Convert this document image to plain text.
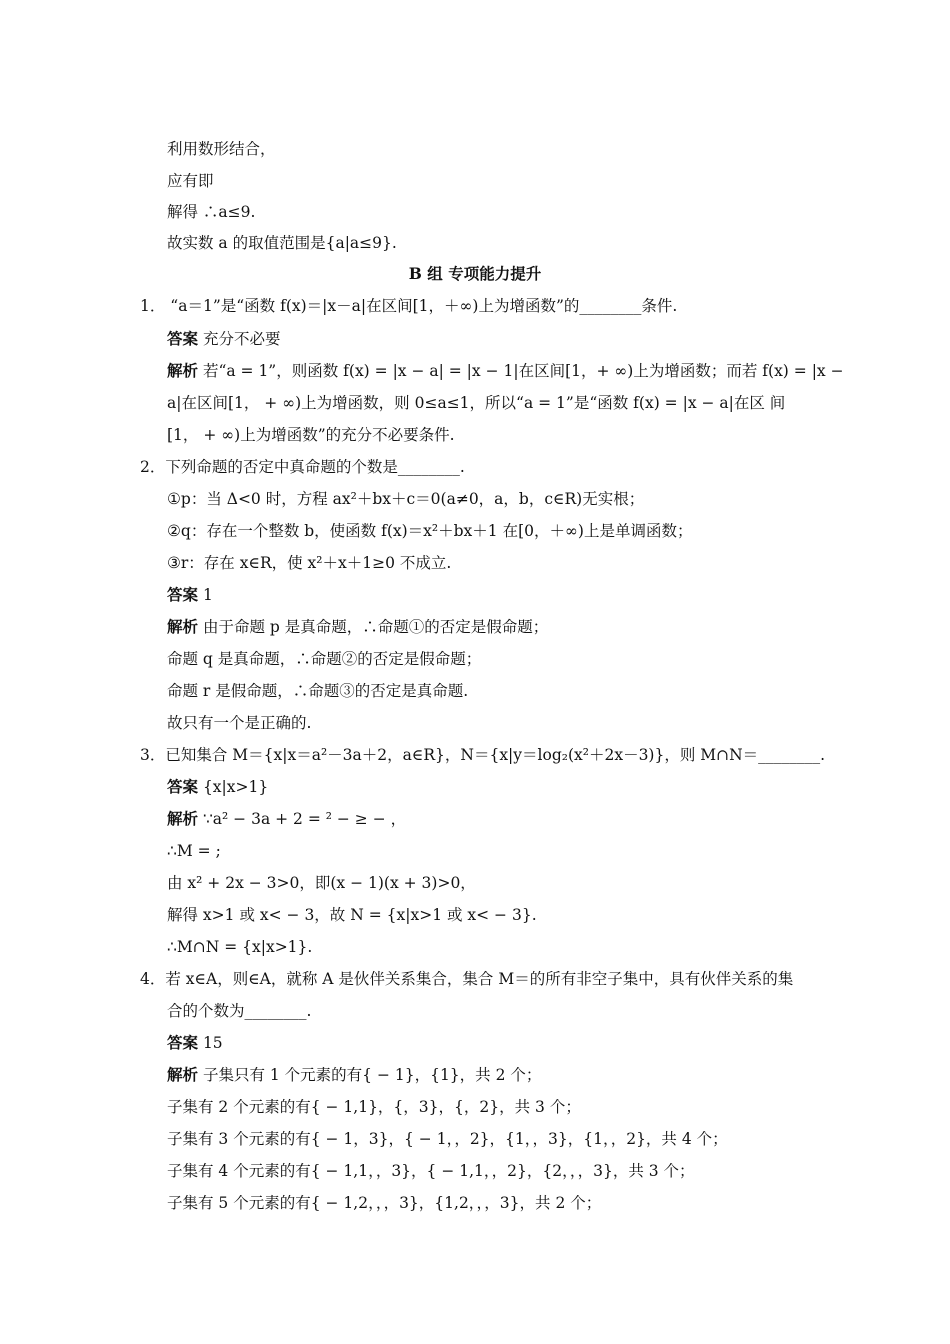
利用数形结合，
应有即
解得 ∴a≤9.
故实数 a 的取值范围是{a|a≤9}.
B 组 专项能力提升
1． “a＝1”是“函数 f(x)＝|x－a|在区间[1，＋∞)上为增函数”的________条件.
答案 充分不必要
解析 若“a = 1”，则函数 f(x) = |x − a| = |x − 1|在区间[1，+ ∞)上为增函数；而若 f(x) = |x −
a|在区间[1， + ∞)上为增函数，则 0≤a≤1，所以“a = 1”是“函数 f(x) = |x − a|在区 间
[1， + ∞)上为增函数”的充分不必要条件.
2．下列命题的否定中真命题的个数是________.
①p：当 Δ<0 时，方程 ax²＋bx＋c＝0(a≠0，a，b，c∈R)无实根；
②q：存在一个整数 b，使函数 f(x)＝x²＋bx＋1 在[0，＋∞)上是单调函数；
③r：存在 x∈R，使 x²＋x＋1≥0 不成立.
答案 1
解析 由于命题 p 是真命题，∴命题①的否定是假命题；
命题 q 是真命题，∴命题②的否定是假命题；
命题 r 是假命题，∴命题③的否定是真命题.
故只有一个是正确的.
3．已知集合 M＝{x|x＝a²－3a＋2，a∈R}，N＝{x|y＝log₂(x²＋2x－3)}，则 M∩N＝________.
答案 {x|x>1}
解析 ∵a² − 3a + 2 = ² − ≥ − ，
∴M = ;
由 x² + 2x − 3>0，即(x − 1)(x + 3)>0，
解得 x>1 或 x< − 3，故 N = {x|x>1 或 x< − 3}.
∴M∩N = {x|x>1}.
4．若 x∈A，则∈A，就称 A 是伙伴关系集合，集合 M＝的所有非空子集中，具有伙伴关系的集
合的个数为________.
答案 15
解析 子集只有 1 个元素的有{ − 1}，{1}，共 2 个；
子集有 2 个元素的有{ − 1,1}，{，3}，{，2}，共 3 个；
子集有 3 个元素的有{ − 1，3}，{ − 1，，2}，{1，，3}，{1，，2}，共 4 个；
子集有 4 个元素的有{ − 1,1，，3}，{ − 1,1，，2}，{2，，，3}，共 3 个；
子集有 5 个元素的有{ − 1,2，，，3}，{1,2，，，3}，共 2 个；
